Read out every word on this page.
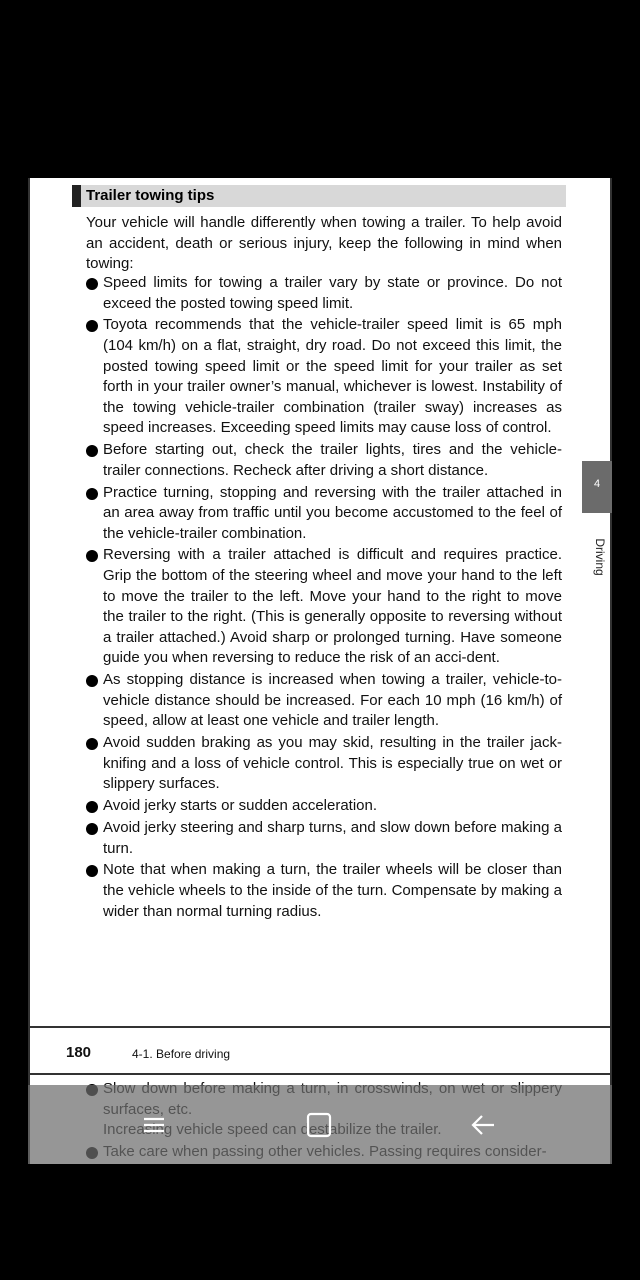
Trailer towing tips

Your vehicle will handle differently when towing a trailer. To help avoid an accident, death or serious injury, keep the following in mind when towing:

Speed limits for towing a trailer vary by state or province. Do not exceed the posted towing speed limit.
Toyota recommends that the vehicle-trailer speed limit is 65 mph (104 km/h) on a flat, straight, dry road. Do not exceed this limit, the posted towing speed limit or the speed limit for your trailer as set forth in your trailer owner’s manual, whichever is lowest. Instability of the towing vehicle-trailer combination (trailer sway) increases as speed increases. Exceeding speed limits may cause loss of control.
Before starting out, check the trailer lights, tires and the vehicle-trailer connections. Recheck after driving a short distance.
Practice turning, stopping and reversing with the trailer attached in an area away from traffic until you become accustomed to the feel of the vehicle-trailer combination.
Reversing with a trailer attached is difficult and requires practice. Grip the bottom of the steering wheel and move your hand to the left to move the trailer to the left. Move your hand to the right to move the trailer to the right. (This is generally opposite to reversing without a trailer attached.) Avoid sharp or prolonged turning. Have someone guide you when reversing to reduce the risk of an acci-dent.
As stopping distance is increased when towing a trailer, vehicle-to-vehicle distance should be increased. For each 10 mph (16 km/h) of speed, allow at least one vehicle and trailer length.
Avoid sudden braking as you may skid, resulting in the trailer jack-knifing and a loss of vehicle control. This is especially true on wet or slippery surfaces.
Avoid jerky starts or sudden acceleration.
Avoid jerky steering and sharp turns, and slow down before making a turn.
Note that when making a turn, the trailer wheels will be closer than the vehicle wheels to the inside of the turn. Compensate by making a wider than normal turning radius.
4
Driving
180	4-1. Before driving
